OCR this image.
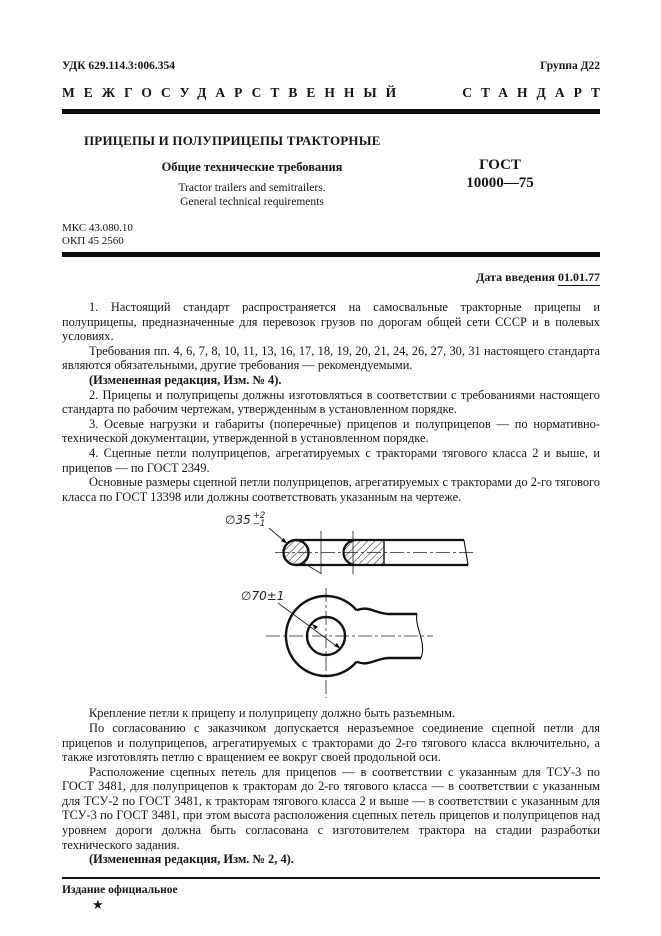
УДК 629.114.3:006.354	Группа Д22
МЕЖГОСУДАРСТВЕННЫЙ	СТАНДАРТ
ПРИЦЕПЫ И ПОЛУПРИЦЕПЫ ТРАКТОРНЫЕ
Общие технические требования
Tractor trailers and semitrailers.
General technical requirements
ГОСТ
10000—75
МКС 43.080.10
ОКП 45 2560
Дата введения 01.01.77

1. Настоящий стандарт распространяется на самосвальные тракторные прицепы и полуприцепы, предназначенные для перевозок грузов по дорогам общей сети СССР и в полевых условиях.

Требования пп. 4, 6, 7, 8, 10, 11, 13, 16, 17, 18, 19, 20, 21, 24, 26, 27, 30, 31 настоящего стандарта являются обязательными, другие требования — рекомендуемыми.

(Измененная редакция, Изм. № 4).

2. Прицепы и полуприцепы должны изготовляться в соответствии с требованиями настоящего стандарта по рабочим чертежам, утвержденным в установленном порядке.

3. Осевые нагрузки и габариты (поперечные) прицепов и полуприцепов — по нормативно-технической документации, утвержденной в установленном порядке.

4. Сцепные петли полуприцепов, агрегатируемых с тракторами тягового класса 2 и выше, и прицепов — по ГОСТ 2349.

Основные размеры сцепной петли полуприцепов, агрегатируемых с тракторами до 2-го тягового класса по ГОСТ 13398 или должны соответствовать указанным на чертеже.

∅35 +2
−1
∅70±1

Крепление петли к прицепу и полуприцепу должно быть разъемным.

По согласованию с заказчиком допускается неразъемное соединение сцепной петли для прицепов и полуприцепов, агрегатируемых с тракторами до 2-го тягового класса включительно, а также изготовлять петлю с вращением ее вокруг своей продольной оси.

Расположение сцепных петель для прицепов — в соответствии с указанным для ТСУ-3 по ГОСТ 3481, для полуприцепов к тракторам до 2-го тягового класса — в соответствии с указанным для ТСУ-2 по ГОСТ 3481, к тракторам тягового класса 2 и выше — в соответствии с указанным для ТСУ-3 по ГОСТ 3481, при этом высота расположения сцепных петель прицепов и полуприцепов над уровнем дороги должна быть согласована с изготовителем трактора на стадии разработки технического задания.

(Измененная редакция, Изм. № 2, 4).

Издание официальное
★
